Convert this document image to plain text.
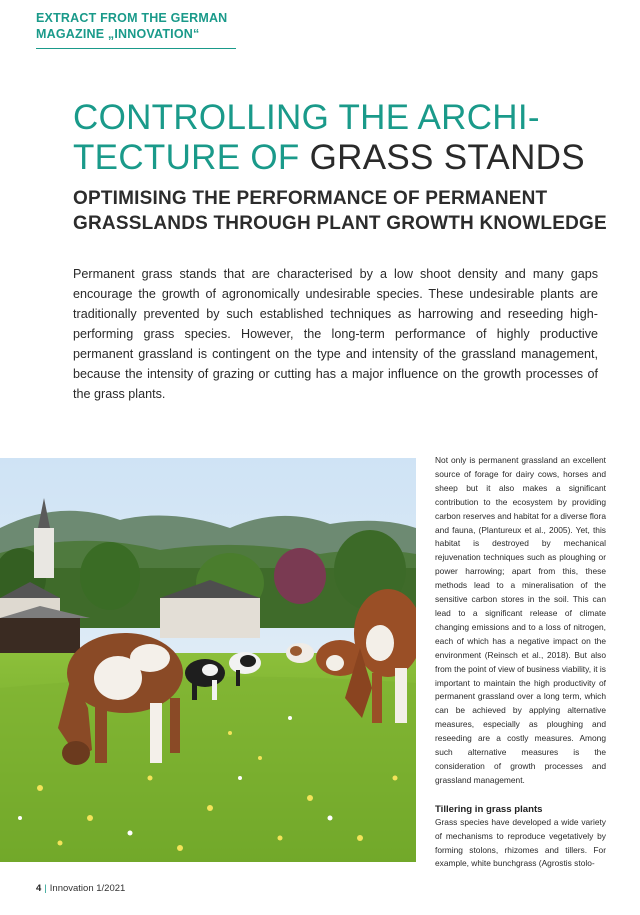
EXTRACT FROM THE GERMAN
MAGAZINE „INNOVATION“
CONTROLLING THE ARCHI-
TECTURE OF GRASS STANDS
OPTIMISING THE PERFORMANCE OF PERMANENT
GRASSLANDS THROUGH PLANT GROWTH KNOWLEDGE

Permanent grass stands that are characterised by a low shoot density and many gaps encourage the growth of agronomically undesirable species. These undesirable plants are traditionally prevented by such established techniques as harrowing and reseeding high-performing grass species. However, the long-term performance of highly productive permanent grassland is contingent on the type and intensity of the grassland management, because the intensity of grazing or cutting has a major influence on the growth processes of the grass plants.

Not only is permanent grassland an excellent source of forage for dairy cows, horses and sheep but it also makes a significant contribution to the ecosystem by providing carbon reserves and habitat for a diverse flora and fauna, (Plantureux et al., 2005). Yet, this habitat is destroyed by mechanical rejuvenation techniques such as ploughing or power harrowing; apart from this, these methods lead to a mineralisation of the sensitive carbon stores in the soil. This can lead to a significant release of climate changing emissions and to a loss of nitrogen, each of which has a negative impact on the environment (Reinsch et al., 2018). But also from the point of view of business viability, it is important to maintain the high productivity of permanent grassland over a long term, which can be achieved by applying alternative measures, especially as ploughing and reseeding are a costly measures. Among such alternative measures is the consideration of growth processes and grassland management.

Tillering in grass plants

Grass species have developed a wide variety of mechanisms to reproduce vegetatively by forming stolons, rhizomes and tillers. For example, white bunchgrass (Agrostis stolo-

4 | Innovation 1/2021
